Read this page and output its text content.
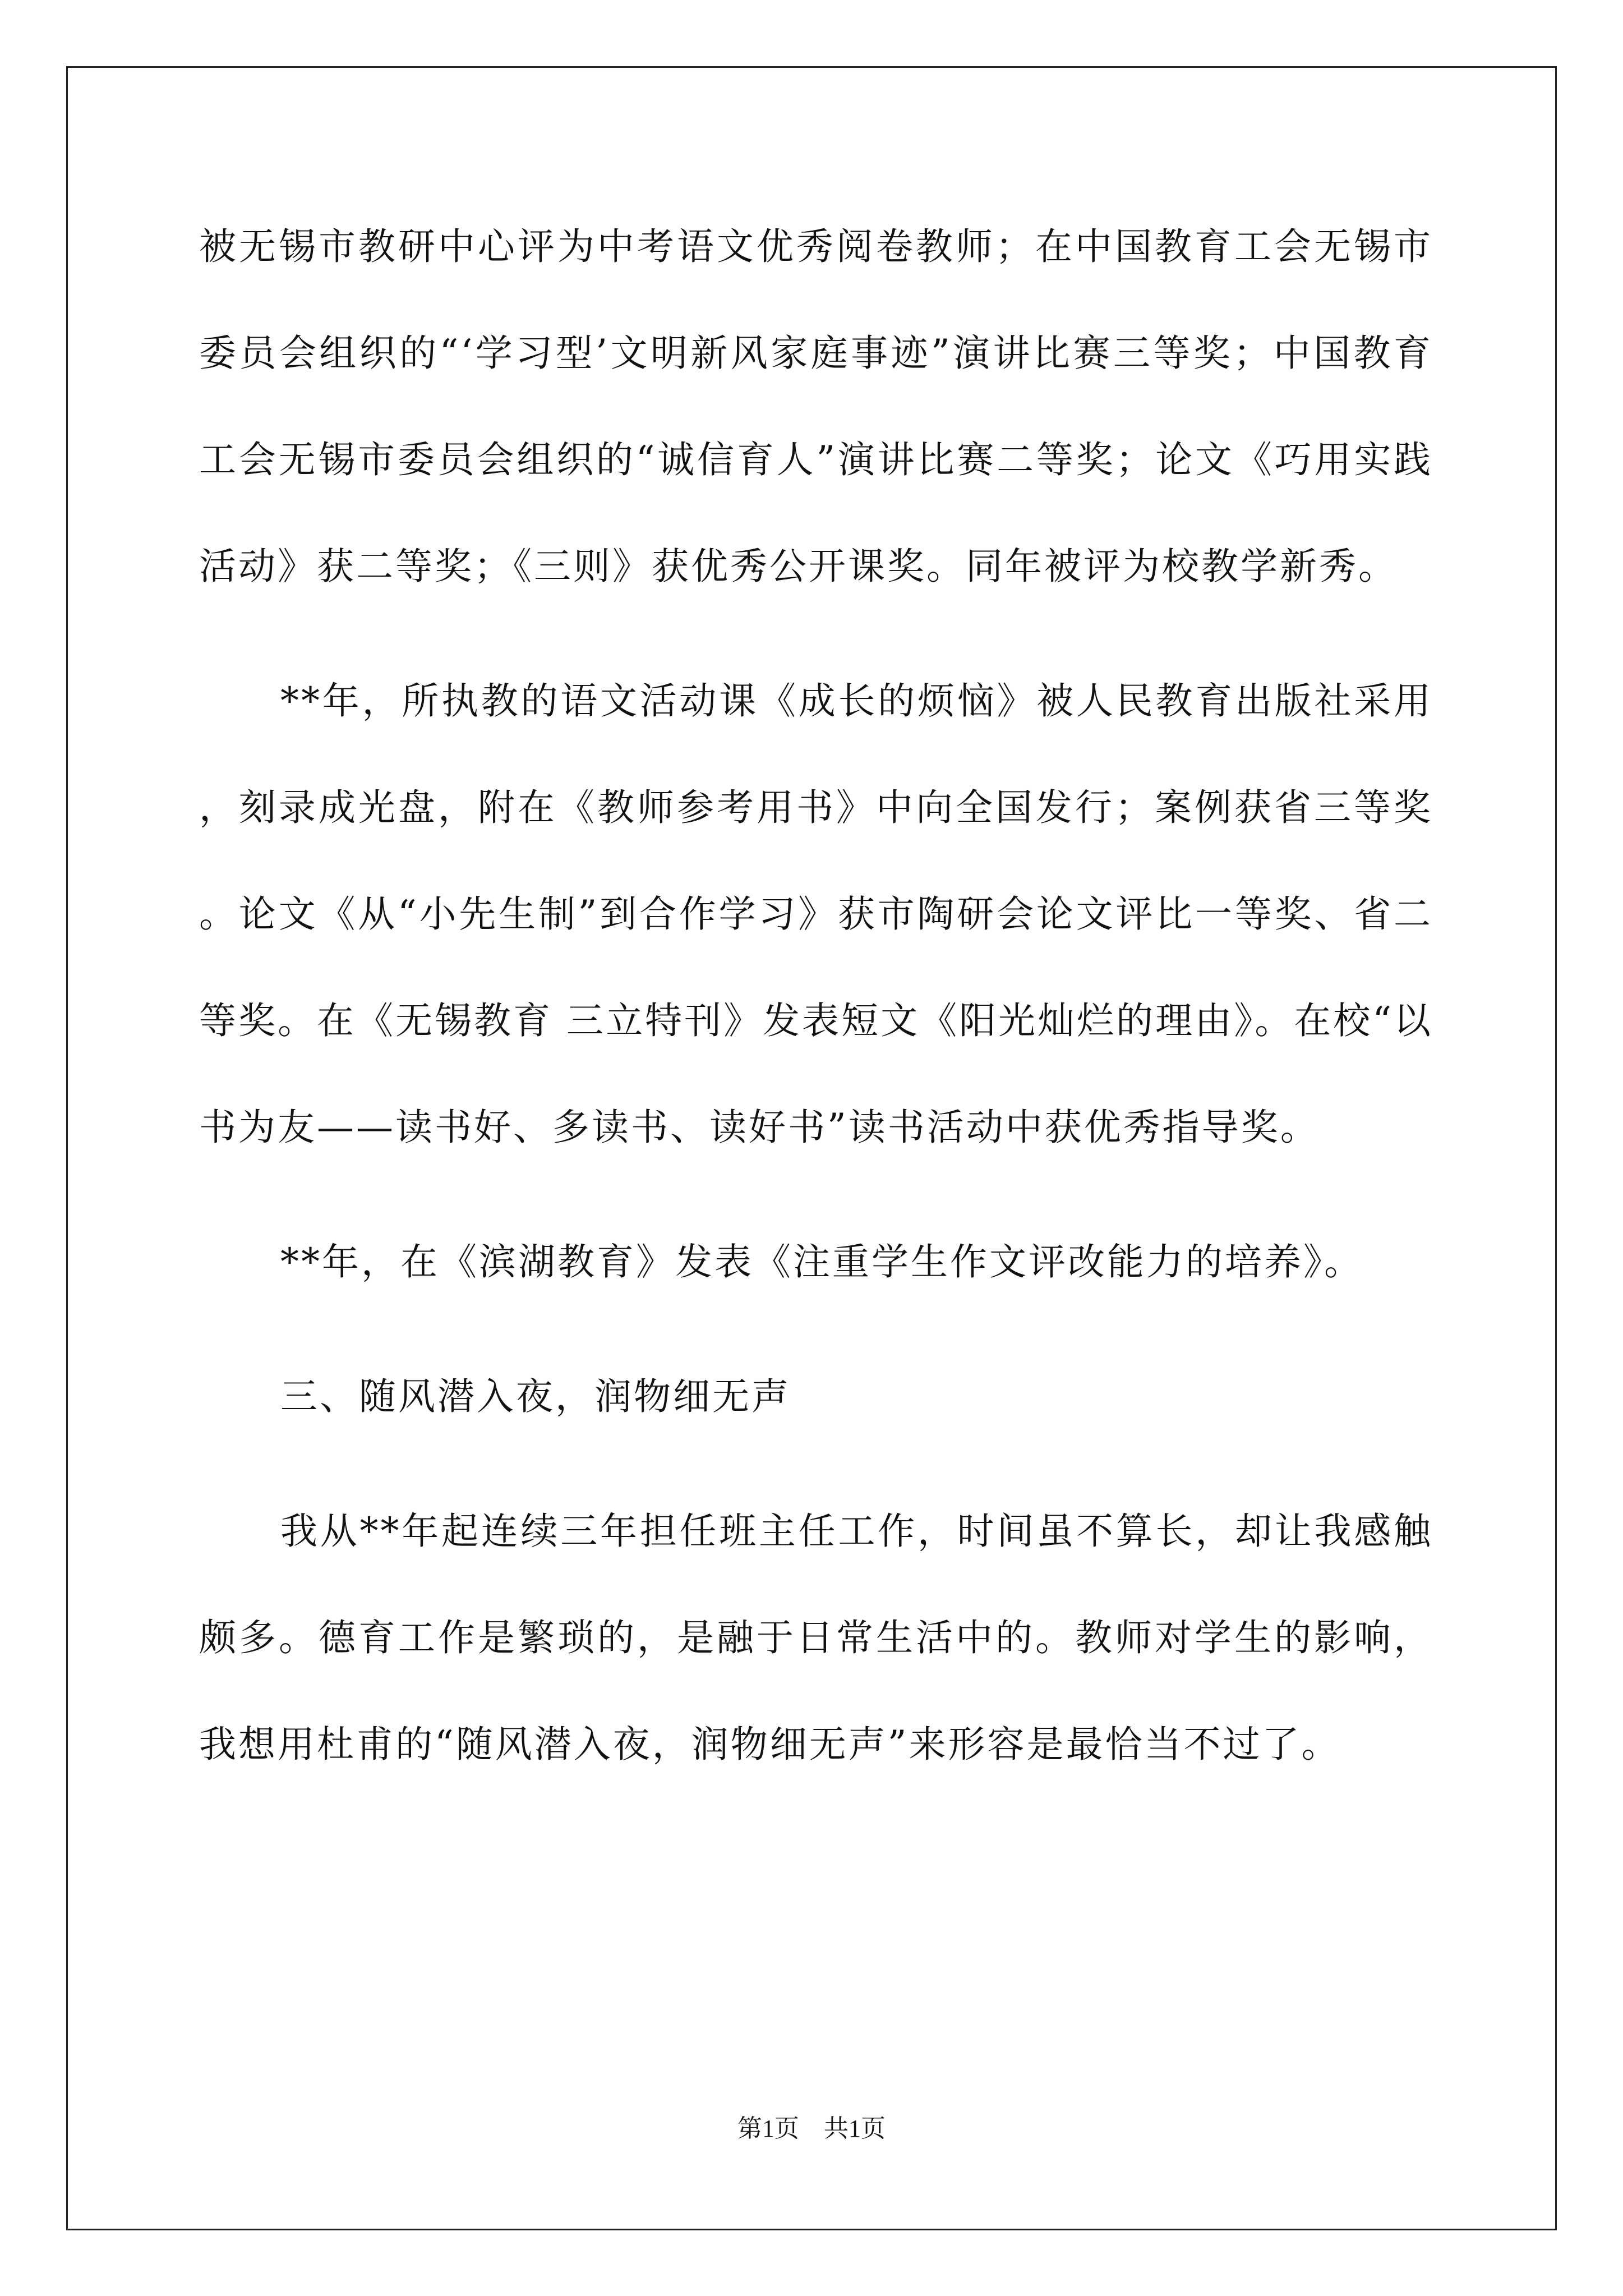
被无锡市教研中心评为中考语文优秀阅卷教师；在中国教育工会无锡市委员会组织的“‘学习型’文明新风家庭事迹”演讲比赛三等奖；中国教育工会无锡市委员会组织的“诚信育人”演讲比赛二等奖；论文《巧用实践活动》获二等奖；《三则》获优秀公开课奖。同年被评为校教学新秀。

**年，所执教的语文活动课《成长的烦恼》被人民教育出版社采用，刻录成光盘，附在《教师参考用书》中向全国发行；案例获省三等奖。论文《从“小先生制”到合作学习》获市陶研会论文评比一等奖、省二等奖。在《无锡教育 三立特刊》发表短文《阳光灿烂的理由》。在校“以书为友——读书好、多读书、读好书”读书活动中获优秀指导奖。

**年，在《滨湖教育》发表《注重学生作文评改能力的培养》。

三、随风潜入夜，润物细无声

我从**年起连续三年担任班主任工作，时间虽不算长，却让我感触颇多。德育工作是繁琐的，是融于日常生活中的。教师对学生的影响，我想用杜甫的“随风潜入夜，润物细无声”来形容是最恰当不过了。

第1页　共1页
